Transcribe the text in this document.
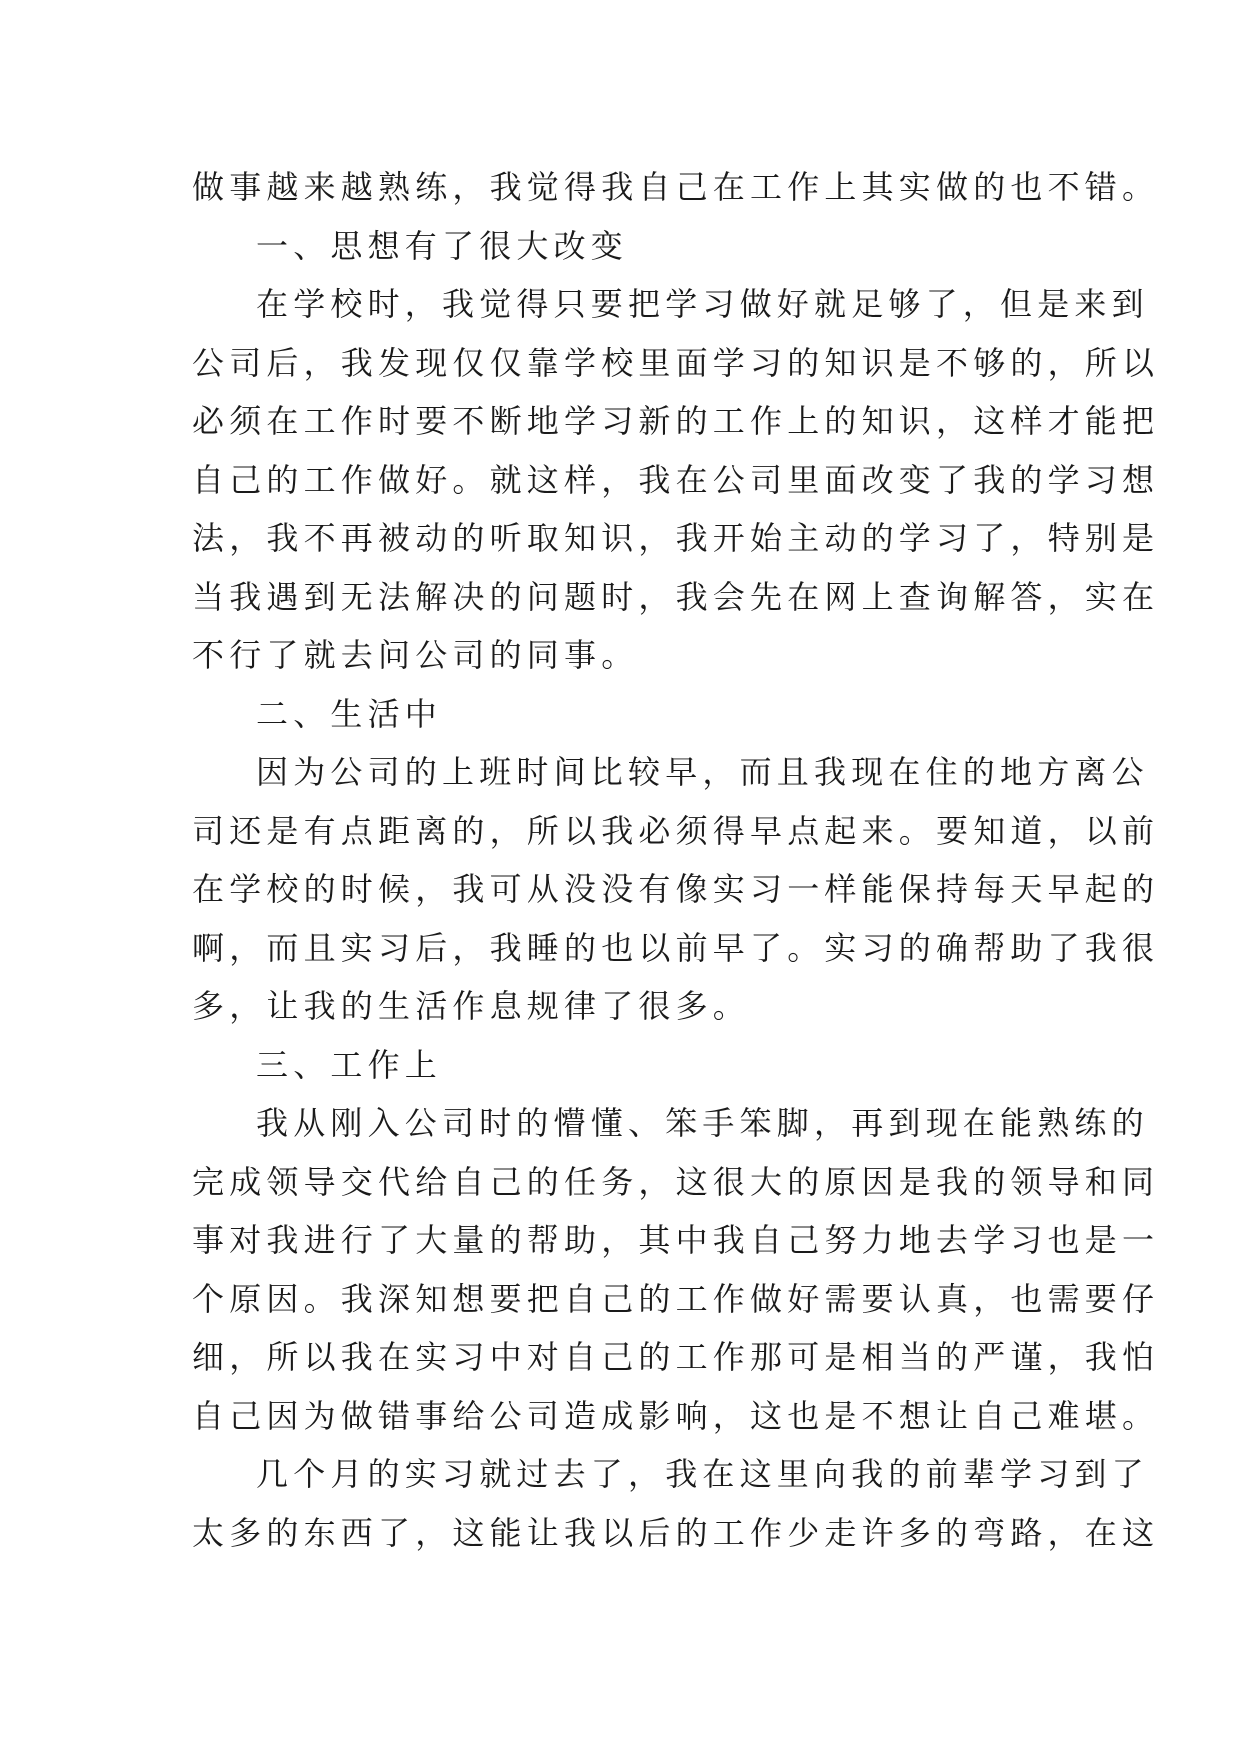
做事越来越熟练，我觉得我自己在工作上其实做的也不错。
一、思想有了很大改变
在学校时，我觉得只要把学习做好就足够了，但是来到
公司后，我发现仅仅靠学校里面学习的知识是不够的，所以
必须在工作时要不断地学习新的工作上的知识，这样才能把
自己的工作做好。就这样，我在公司里面改变了我的学习想
法，我不再被动的听取知识，我开始主动的学习了，特别是
当我遇到无法解决的问题时，我会先在网上查询解答，实在
不行了就去问公司的同事。
二、生活中
因为公司的上班时间比较早，而且我现在住的地方离公
司还是有点距离的，所以我必须得早点起来。要知道，以前
在学校的时候，我可从没没有像实习一样能保持每天早起的
啊，而且实习后，我睡的也以前早了。实习的确帮助了我很
多，让我的生活作息规律了很多。
三、工作上
我从刚入公司时的懵懂、笨手笨脚，再到现在能熟练的
完成领导交代给自己的任务，这很大的原因是我的领导和同
事对我进行了大量的帮助，其中我自己努力地去学习也是一
个原因。我深知想要把自己的工作做好需要认真，也需要仔
细，所以我在实习中对自己的工作那可是相当的严谨，我怕
自己因为做错事给公司造成影响，这也是不想让自己难堪。
几个月的实习就过去了，我在这里向我的前辈学习到了
太多的东西了，这能让我以后的工作少走许多的弯路，在这
